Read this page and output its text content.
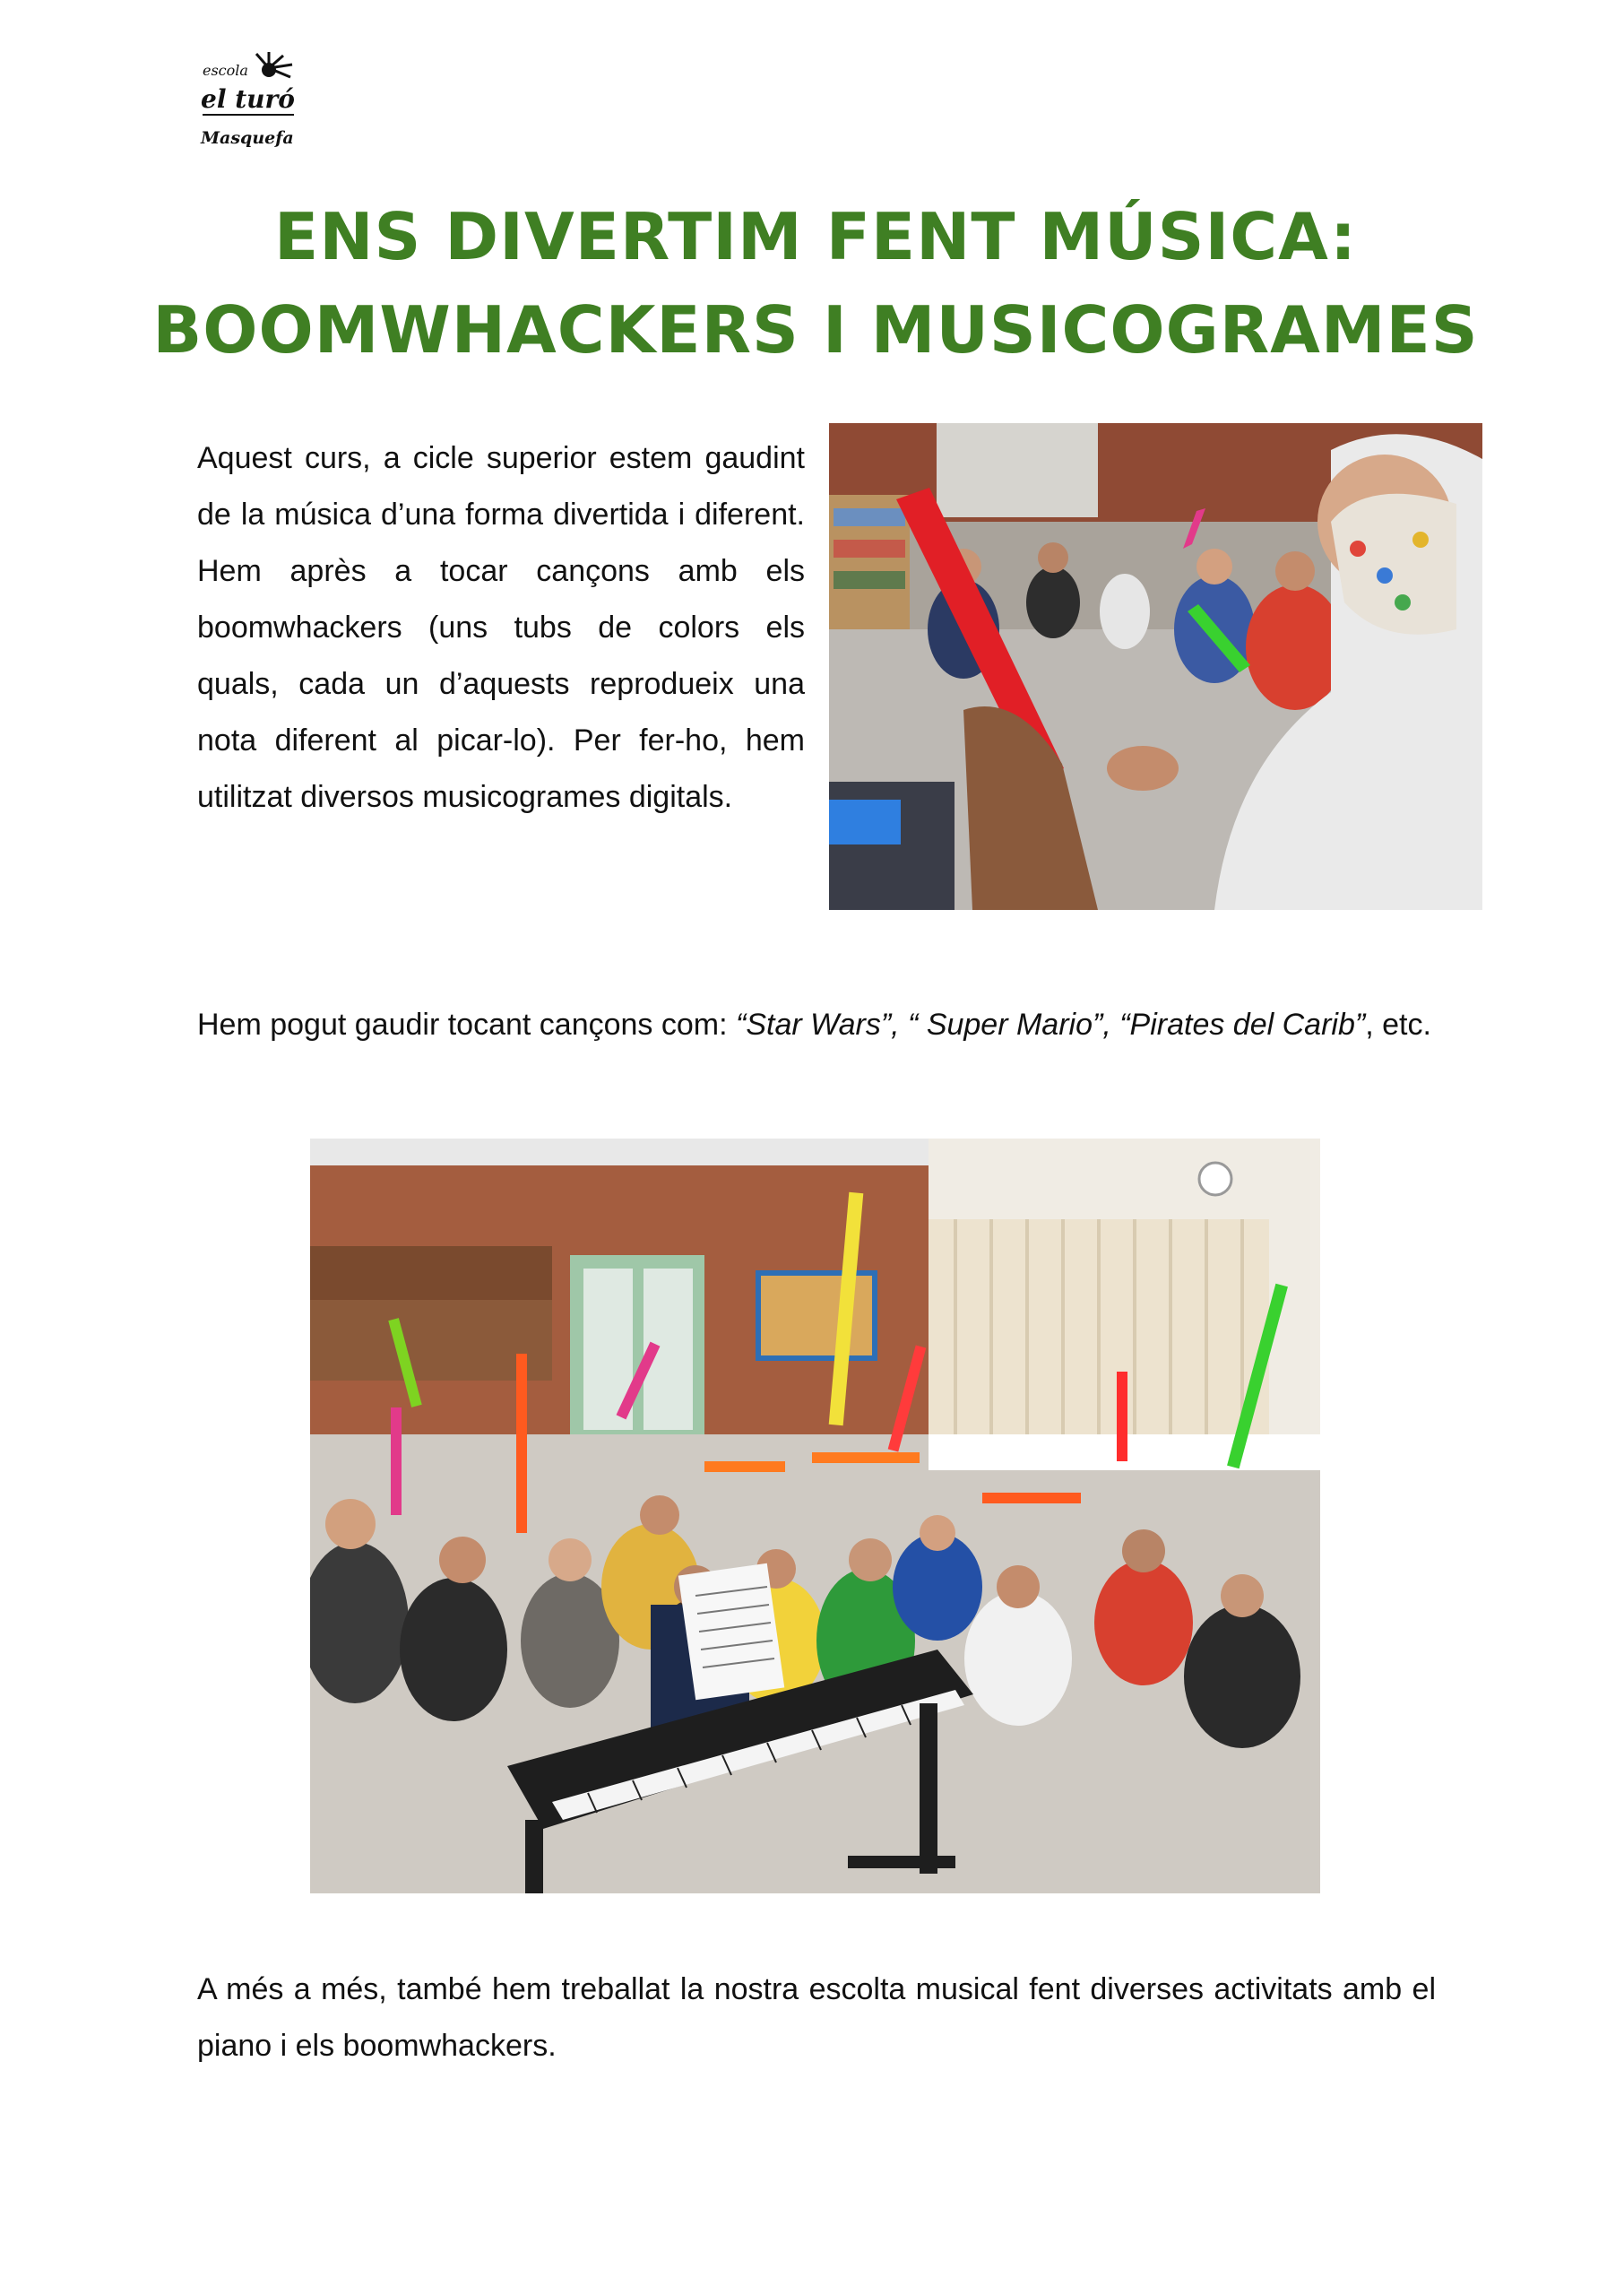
escola
el turó
Masquefa
ENS DIVERTIM FENT MÚSICA:
BOOMWHACKERS I MUSICOGRAMES

Aquest curs, a cicle superior estem gaudint de la música d’una forma divertida i diferent. Hem après a tocar cançons amb els boomwhackers (uns tubs de colors els quals, cada un d’aquests reprodueix una nota diferent al picar-lo). Per fer-ho, hem utilitzat diversos musicogrames digitals.

Hem pogut gaudir tocant cançons com: “Star Wars”, “ Super Mario”, “Pirates del Carib”, etc.

A més a més, també hem treballat la nostra escolta musical fent diverses activitats amb el piano i els boomwhackers.
